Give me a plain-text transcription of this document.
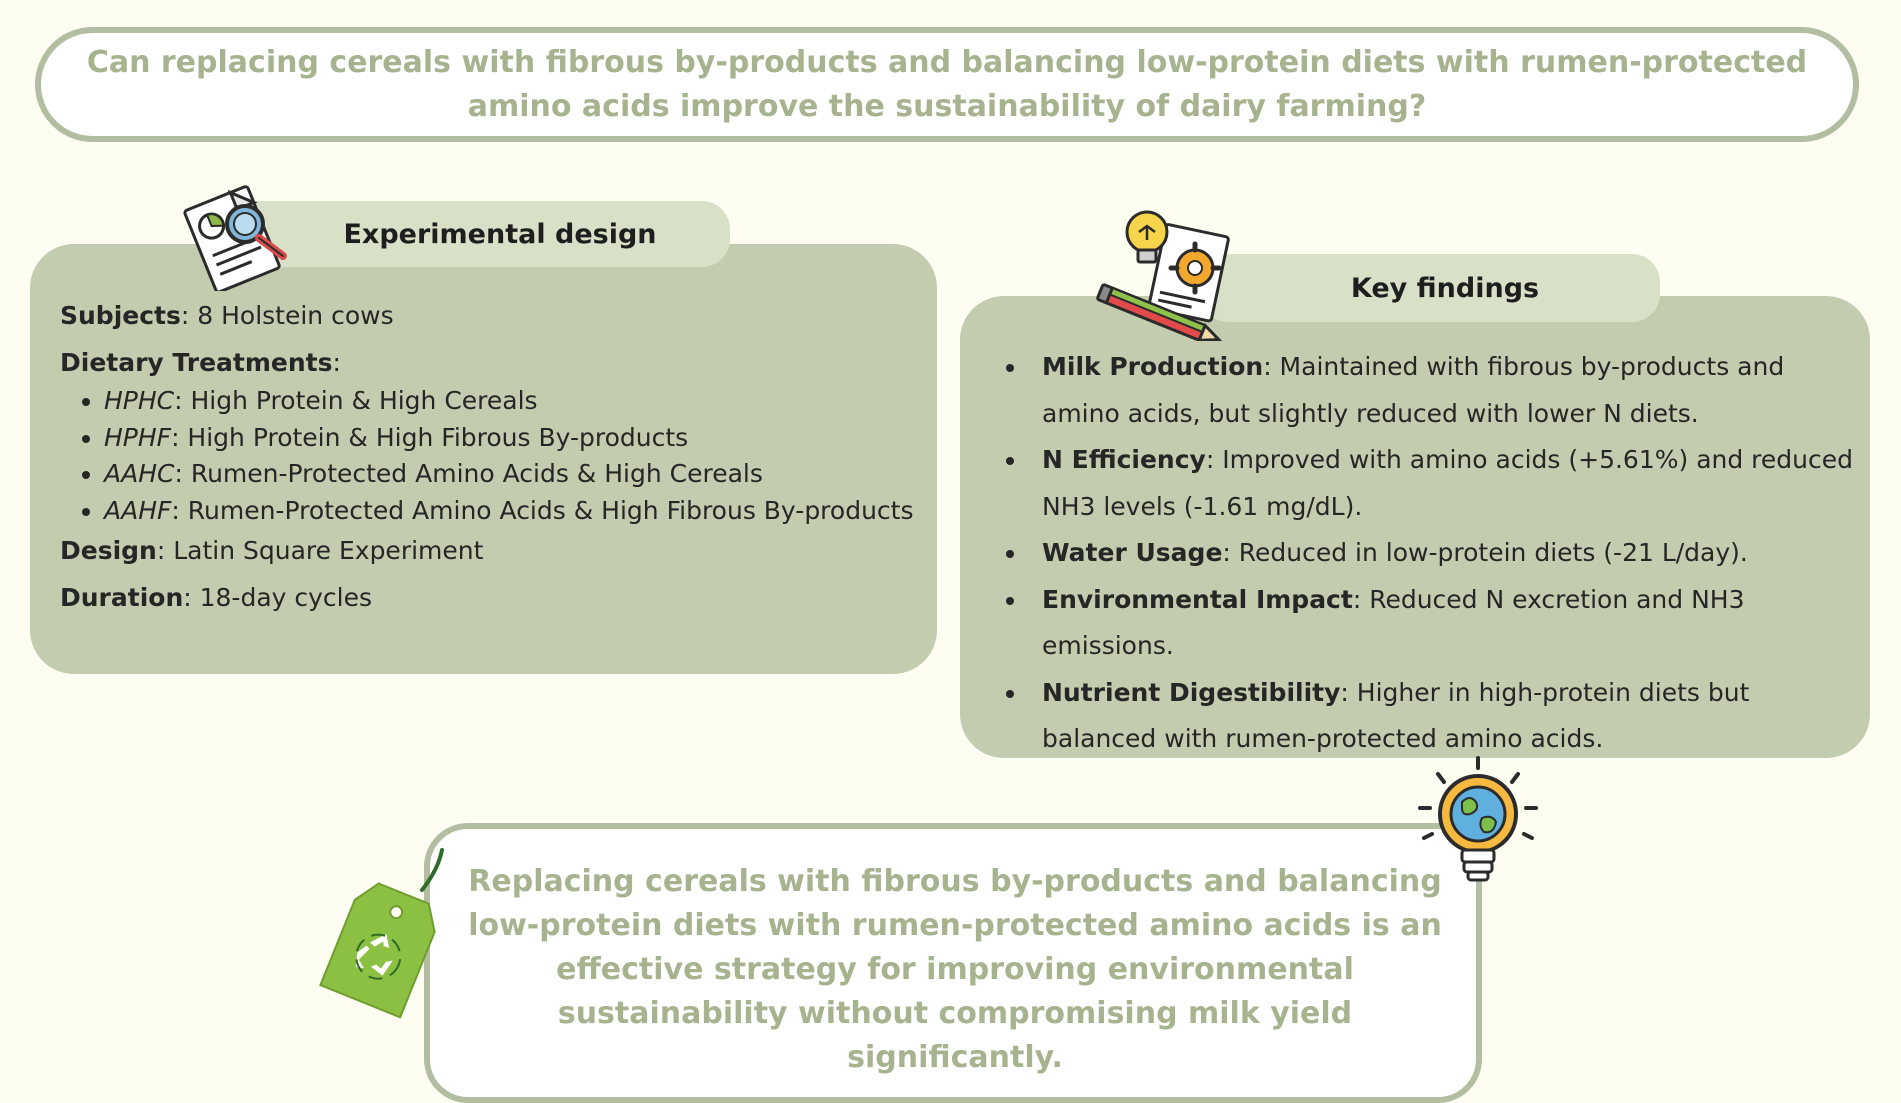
Can replacing cereals with fibrous by-products and balancing low-protein diets with rumen-protected amino acids improve the sustainability of dairy farming?
Experimental design

Subjects: 8 Holstein cows

Dietary Treatments:

• HPHC: High Protein & High Cereals
• HPHF: High Protein & High Fibrous By-products
• AAHC: Rumen-Protected Amino Acids & High Cereals
• AAHF: Rumen-Protected Amino Acids & High Fibrous By-products

Design: Latin Square Experiment

Duration: 18-day cycles

Key findings
• Milk Production: Maintained with fibrous by-products and amino acids, but slightly reduced with lower N diets.
• N Efficiency: Improved with amino acids (+5.61%) and reduced NH3 levels (-1.61 mg/dL).
• Water Usage: Reduced in low-protein diets (-21 L/day).
• Environmental Impact: Reduced N excretion and NH3 emissions.
• Nutrient Digestibility: Higher in high-protein diets but balanced with rumen-protected amino acids.
Replacing cereals with fibrous by-products and balancing low-protein diets with rumen-protected amino acids is an effective strategy for improving environmental sustainability without compromising milk yield significantly.
